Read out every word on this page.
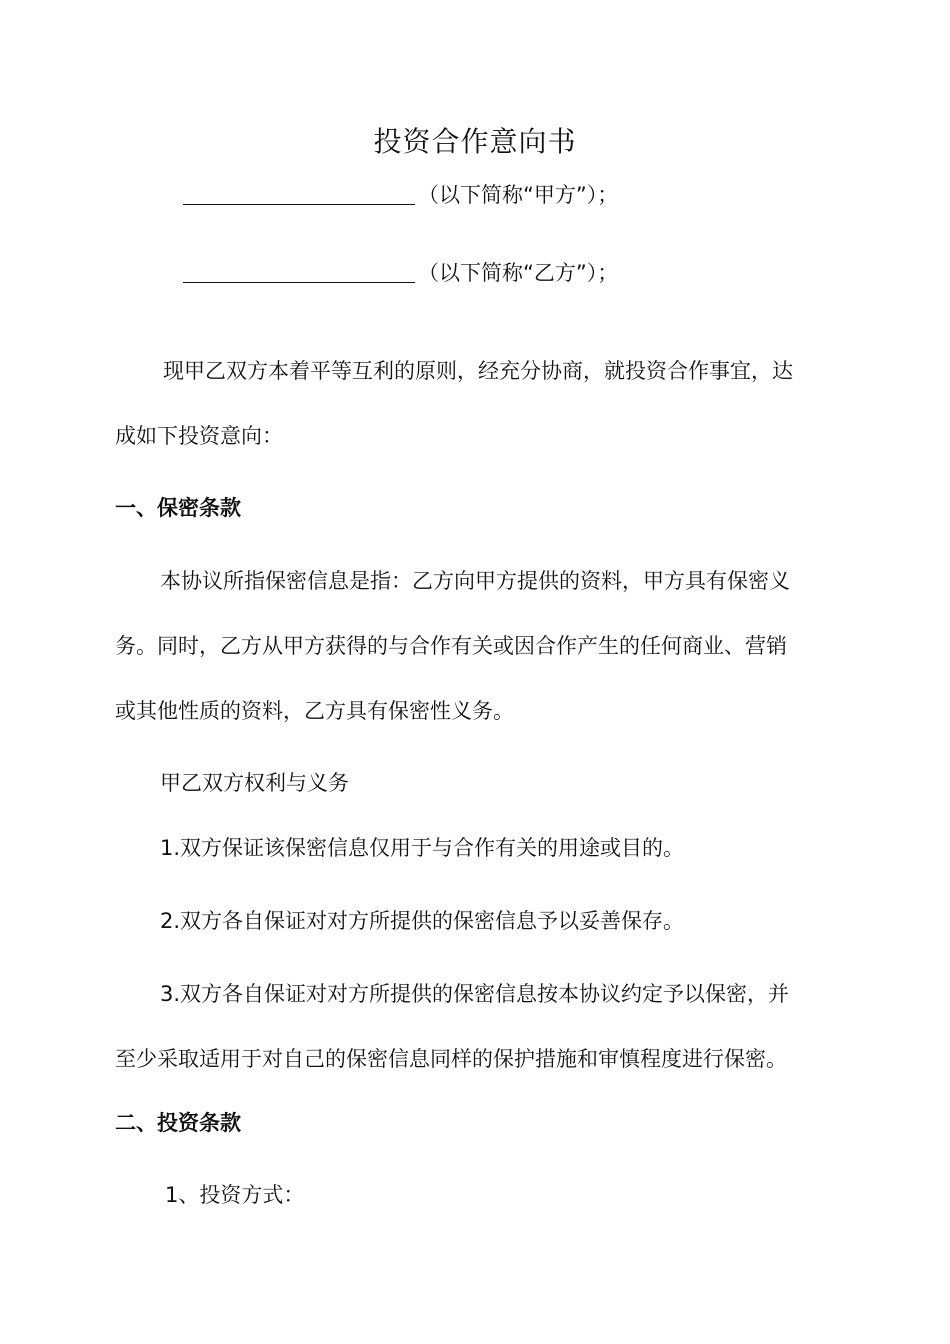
投资合作意向书
（以下简称“甲方”）；
（以下简称“乙方”）；
现甲乙双方本着平等互利的原则，经充分协商，就投资合作事宜，达
成如下投资意向：
一、保密条款
本协议所指保密信息是指：乙方向甲方提供的资料，甲方具有保密义
务。同时，乙方从甲方获得的与合作有关或因合作产生的任何商业、营销
或其他性质的资料，乙方具有保密性义务。
甲乙双方权利与义务
1.双方保证该保密信息仅用于与合作有关的用途或目的。
2.双方各自保证对对方所提供的保密信息予以妥善保存。
3.双方各自保证对对方所提供的保密信息按本协议约定予以保密，并
至少采取适用于对自己的保密信息同样的保护措施和审慎程度进行保密。
二、投资条款
1、投资方式：
